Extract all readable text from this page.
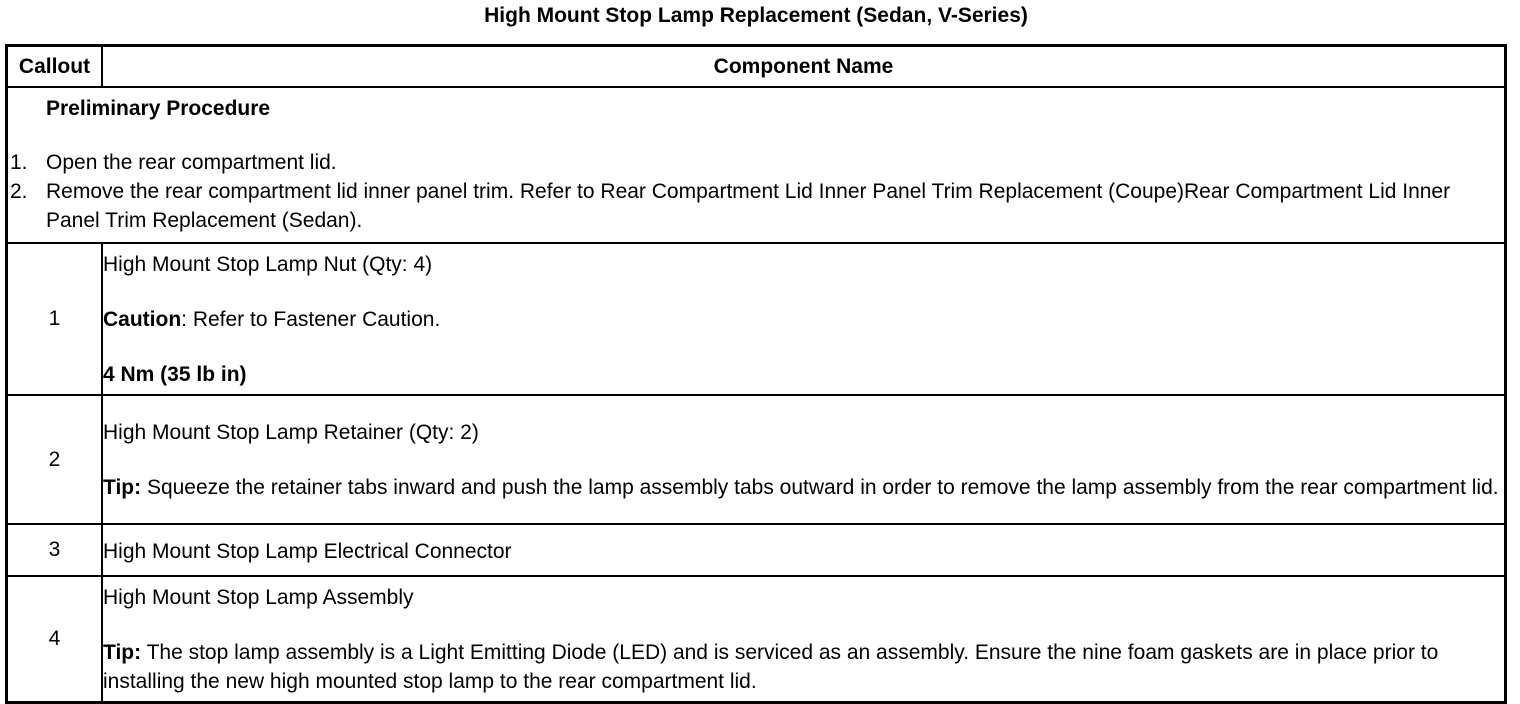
High Mount Stop Lamp Replacement (Sedan, V-Series)
Callout	Component Name

Preliminary Procedure
1. Open the rear compartment lid.
2. Remove the rear compartment lid inner panel trim. Refer to Rear Compartment Lid Inner Panel Trim Replacement (Coupe)Rear Compartment Lid Inner Panel Trim Replacement (Sedan).	

1	High Mount Stop Lamp Nut (Qty: 4)
Caution: Refer to Fastener Caution.
4 Nm (35 lb in)

2	High Mount Stop Lamp Retainer (Qty: 2)
Tip: Squeeze the retainer tabs inward and push the lamp assembly tabs outward in order to remove the lamp assembly from the rear compartment lid.

3	High Mount Stop Lamp Electrical Connector

4	High Mount Stop Lamp Assembly
Tip: The stop lamp assembly is a Light Emitting Diode (LED) and is serviced as an assembly. Ensure the nine foam gaskets are in place prior to installing the new high mounted stop lamp to the rear compartment lid.
